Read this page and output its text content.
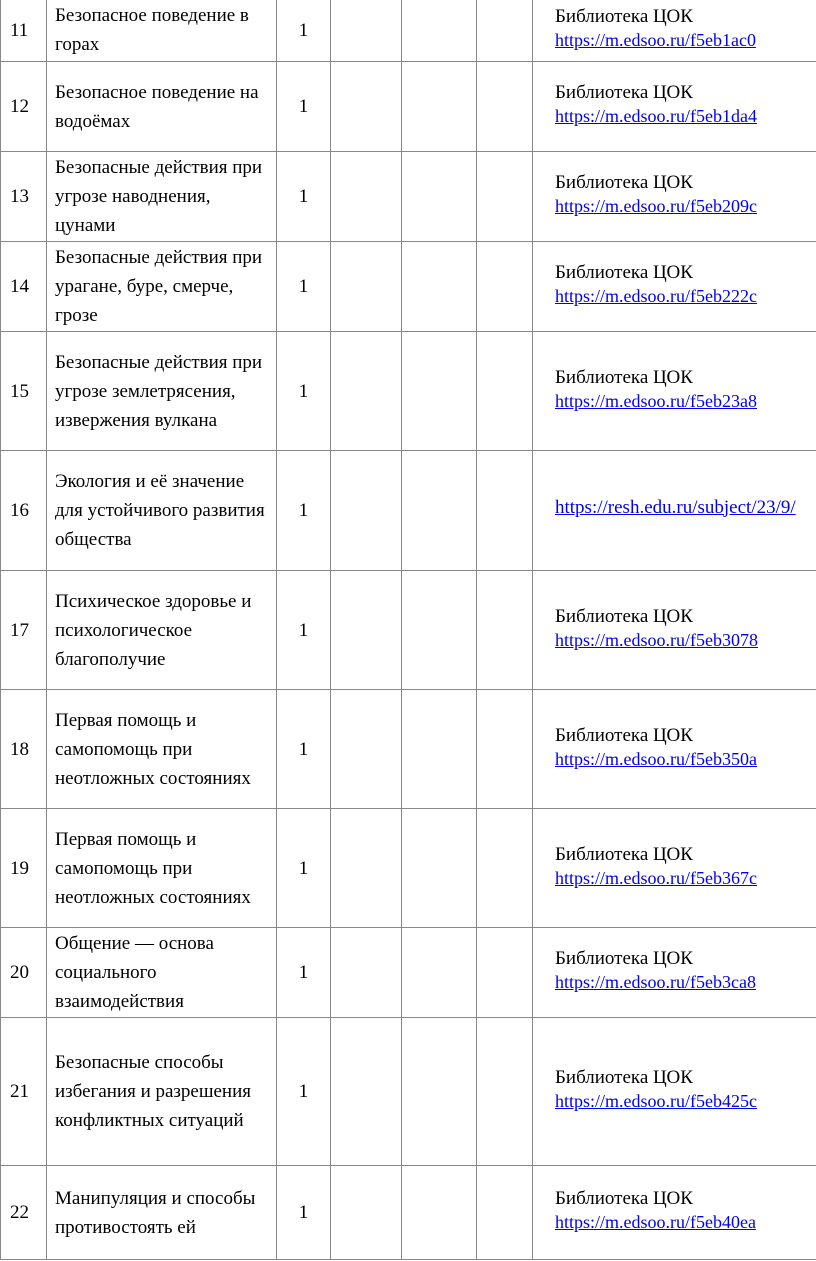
11	Безопасное поведение в горах	1				Библиотека ЦОК
https://m.edsoo.ru/f5eb1ac0

12	Безопасное поведение на водоёмах	1				Библиотека ЦОК
https://m.edsoo.ru/f5eb1da4

13	Безопасные действия при угрозе наводнения, цунами	1				Библиотека ЦОК
https://m.edsoo.ru/f5eb209c

14	Безопасные действия при урагане, буре, смерче, грозе	1				Библиотека ЦОК
https://m.edsoo.ru/f5eb222c

15	Безопасные действия при угрозе землетрясения, извержения вулкана	1				Библиотека ЦОК
https://m.edsoo.ru/f5eb23a8

16	Экология и её значение для устойчивого развития общества	1				https://resh.edu.ru/subject/23/9/

17	Психическое здоровье и психологическое благополучие	1				Библиотека ЦОК
https://m.edsoo.ru/f5eb3078

18	Первая помощь и самопомощь при неотложных состояниях	1				Библиотека ЦОК
https://m.edsoo.ru/f5eb350a

19	Первая помощь и самопомощь при неотложных состояниях	1				Библиотека ЦОК
https://m.edsoo.ru/f5eb367c

20	Общение — основа социального взаимодействия	1				Библиотека ЦОК
https://m.edsoo.ru/f5eb3ca8

21	Безопасные способы избегания и разрешения конфликтных ситуаций	1				Библиотека ЦОК
https://m.edsoo.ru/f5eb425c

22	Манипуляция и способы противостоять ей	1				Библиотека ЦОК
https://m.edsoo.ru/f5eb40ea
